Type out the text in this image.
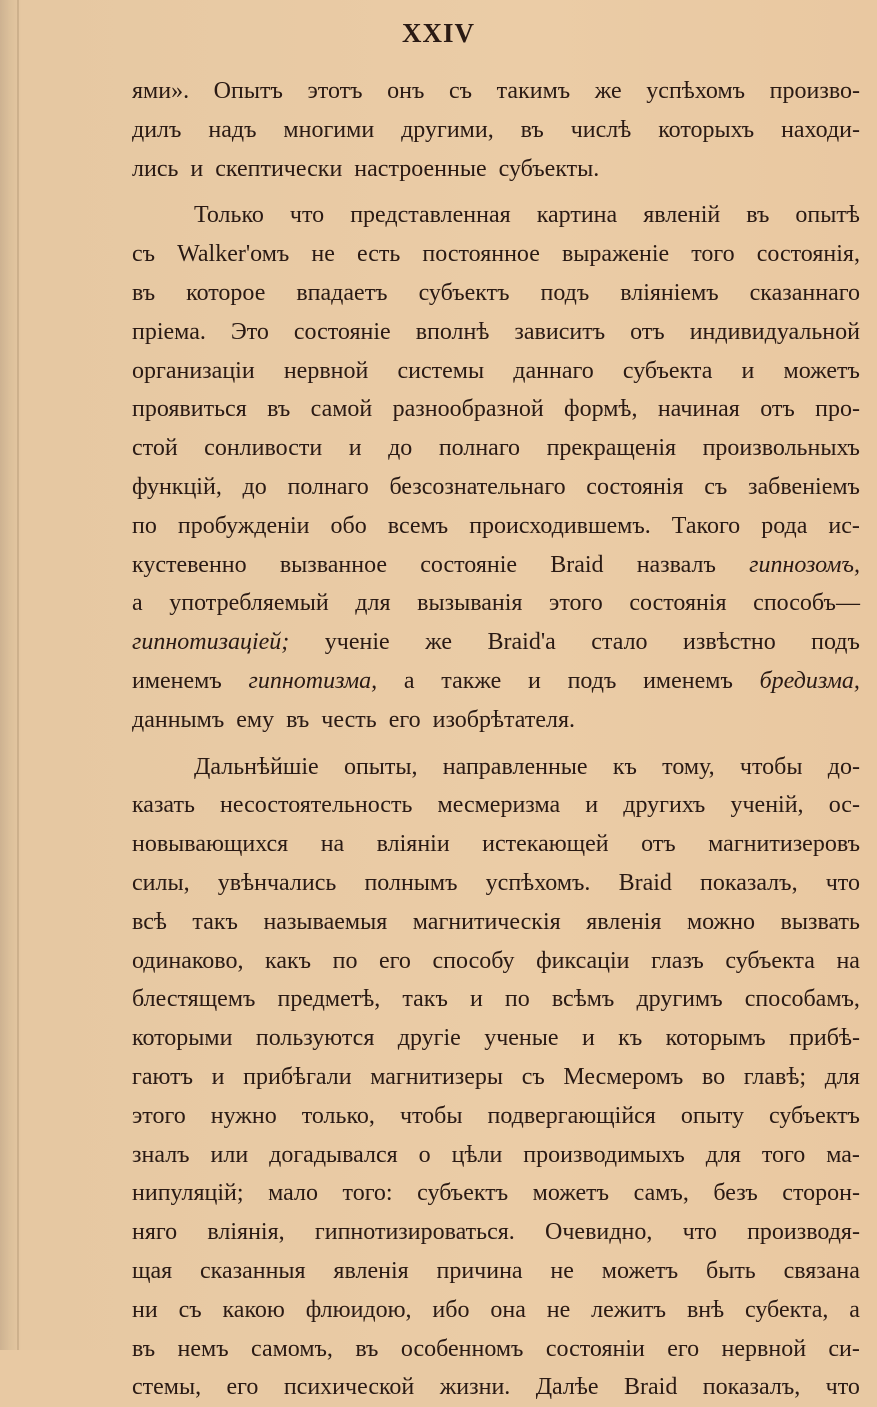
XXIV
ями». Опытъ этотъ онъ съ такимъ же успѣхомъ произво-
дилъ надъ многими другими, въ числѣ которыхъ находи-
лись
и
скептически
настроенные
субъекты.

Только что представленная картина явленій въ опытѣ
съ Walker'омъ не есть постоянное выраженіе того состоянія,
въ которое впадаетъ субъектъ подъ вліяніемъ сказаннаго
пріема. Это состояніе вполнѣ зависитъ отъ индивидуальной
организаціи нервной системы даннаго субъекта и можетъ
проявиться въ самой разнообразной формѣ, начиная отъ про-
стой сонливости и до полнаго прекращенія произвольныхъ
функцій, до полнаго безсознательнаго состоянія съ забвеніемъ
по пробужденіи обо всемъ происходившемъ. Такого рода ис-
кустевенно вызванное состояніе Braid назвалъ гипнозомъ,
а употребляемый для вызыванія этого состоянія способъ—
гипнотизаціей; ученіе же Braid'а стало извѣстно подъ
именемъ гипнотизма, а также и подъ именемъ бредизма,
даннымъ
ему
въ
честь
его
изобрѣтателя.

Дальнѣйшіе опыты, направленные къ тому, чтобы до-
казать несостоятельность месмеризма и другихъ ученій, ос-
новывающихся на вліяніи истекающей отъ магнитизеровъ
силы, увѣнчались полнымъ успѣхомъ. Braid показалъ, что
всѣ такъ называемыя магнитическія явленія можно вызвать
одинаково, какъ по его способу фиксаціи глазъ субъекта на
блестящемъ предметѣ, такъ и по всѣмъ другимъ способамъ,
которыми пользуются другіе ученые и къ которымъ прибѣ-
гаютъ и прибѣгали магнитизеры съ Месмеромъ во главѣ; для
этого нужно только, чтобы подвергающійся опыту субъектъ
зналъ или догадывался о цѣли производимыхъ для того ма-
нипуляцій; мало того: субъектъ можетъ самъ, безъ сторон-
няго вліянія, гипнотизироваться. Очевидно, что производя-
щая сказанныя явленія причина не можетъ быть связана
ни съ какою флюидою, ибо она не лежитъ внѣ субекта, а
въ немъ самомъ, въ особенномъ состояніи его нервной си-
стемы, его психической жизни. Далѣе Braid показалъ, что
